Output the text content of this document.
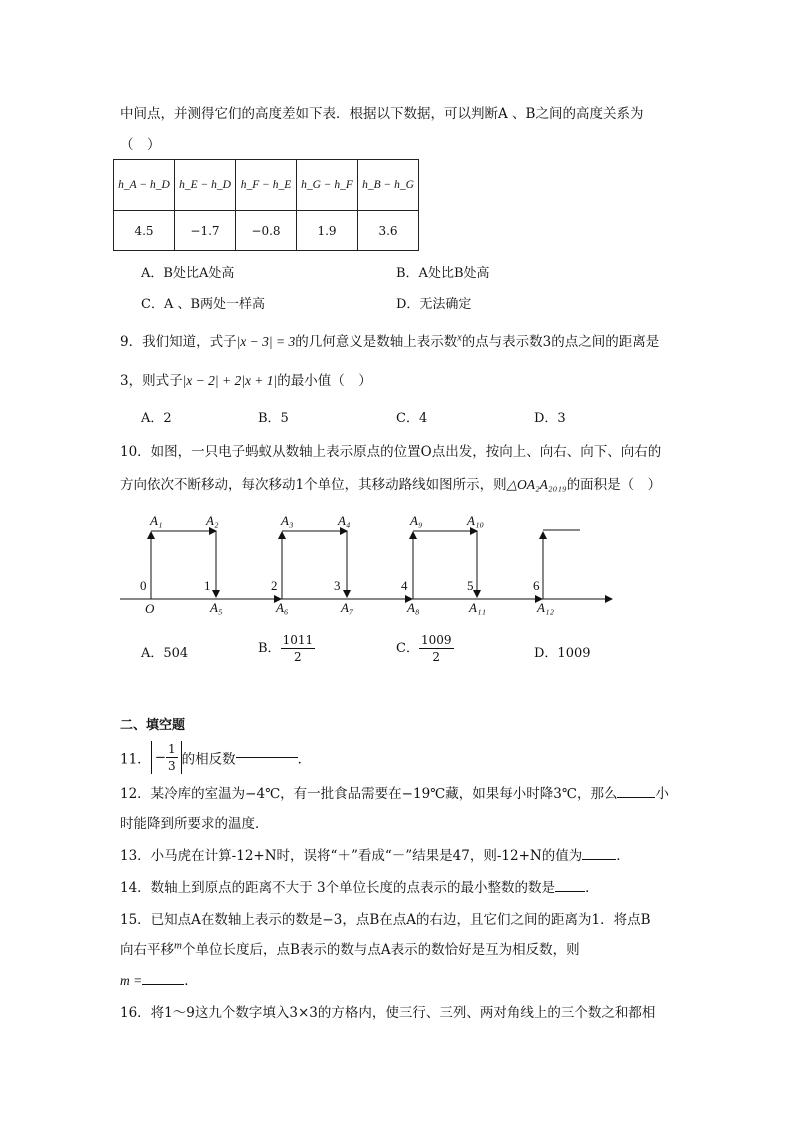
中间点，并测得它们的高度差如下表．根据以下数据，可以判断A 、B之间的高度关系为
（　）
h_A − h_D	h_E − h_D	h_F − h_E	h_G − h_F	h_B − h_G
4.5	−1.7	−0.8	1.9	3.6
A．B处比A处高	B．A处比B处高
C．A 、B两处一样高	D．无法确定
9．我们知道，式子|x − 3| = 3的几何意义是数轴上表示数$^x$的点与表示数3的点之间的距离是
3，则式子|x − 2| + 2|x + 1|的最小值（　）
A．2	B．5	C．4	D．3
10．如图，一只电子蚂蚁从数轴上表示原点的位置O点出发，按向上、向右、向下、向右的
方向依次不断移动，每次移动1个单位，其移动路线如图所示，则△OA₂A₂₀₁₉的面积是（　）
A₁	A₂	A₃	A₄	A₉	A₁₀
O	A₅	A₆	A₇	A₈	A₁₁	A₁₂
0	1	2	3	4	5	6
A．504	B． $\frac{1011}{2}$	C． $\frac{1009}{2}$	D．1009
二、填空题
11． − $\frac{1}{3}$ 的相反数	．
12．某冷库的室温为−4℃，有一批食品需要在−19℃藏，如果每小时降3℃，那么	小
时能降到所要求的温度．
13．小马虎在计算-12+N时，误将“＋”看成“－”结果是47，则-12+N的值为	．
14．数轴上到原点的距离不大于 3个单位长度的点表示的最小整数的数是 ．
15．已知点A在数轴上表示的数是−3，点B在点A的右边，且它们之间的距离为1．将点B
向右平移$^m$个单位长度后，点B表示的数与点A表示的数恰好是互为相反数，则
m =	．
16．将1～9这九个数字填入3×3的方格内，使三行、三列、两对角线上的三个数之和都相
